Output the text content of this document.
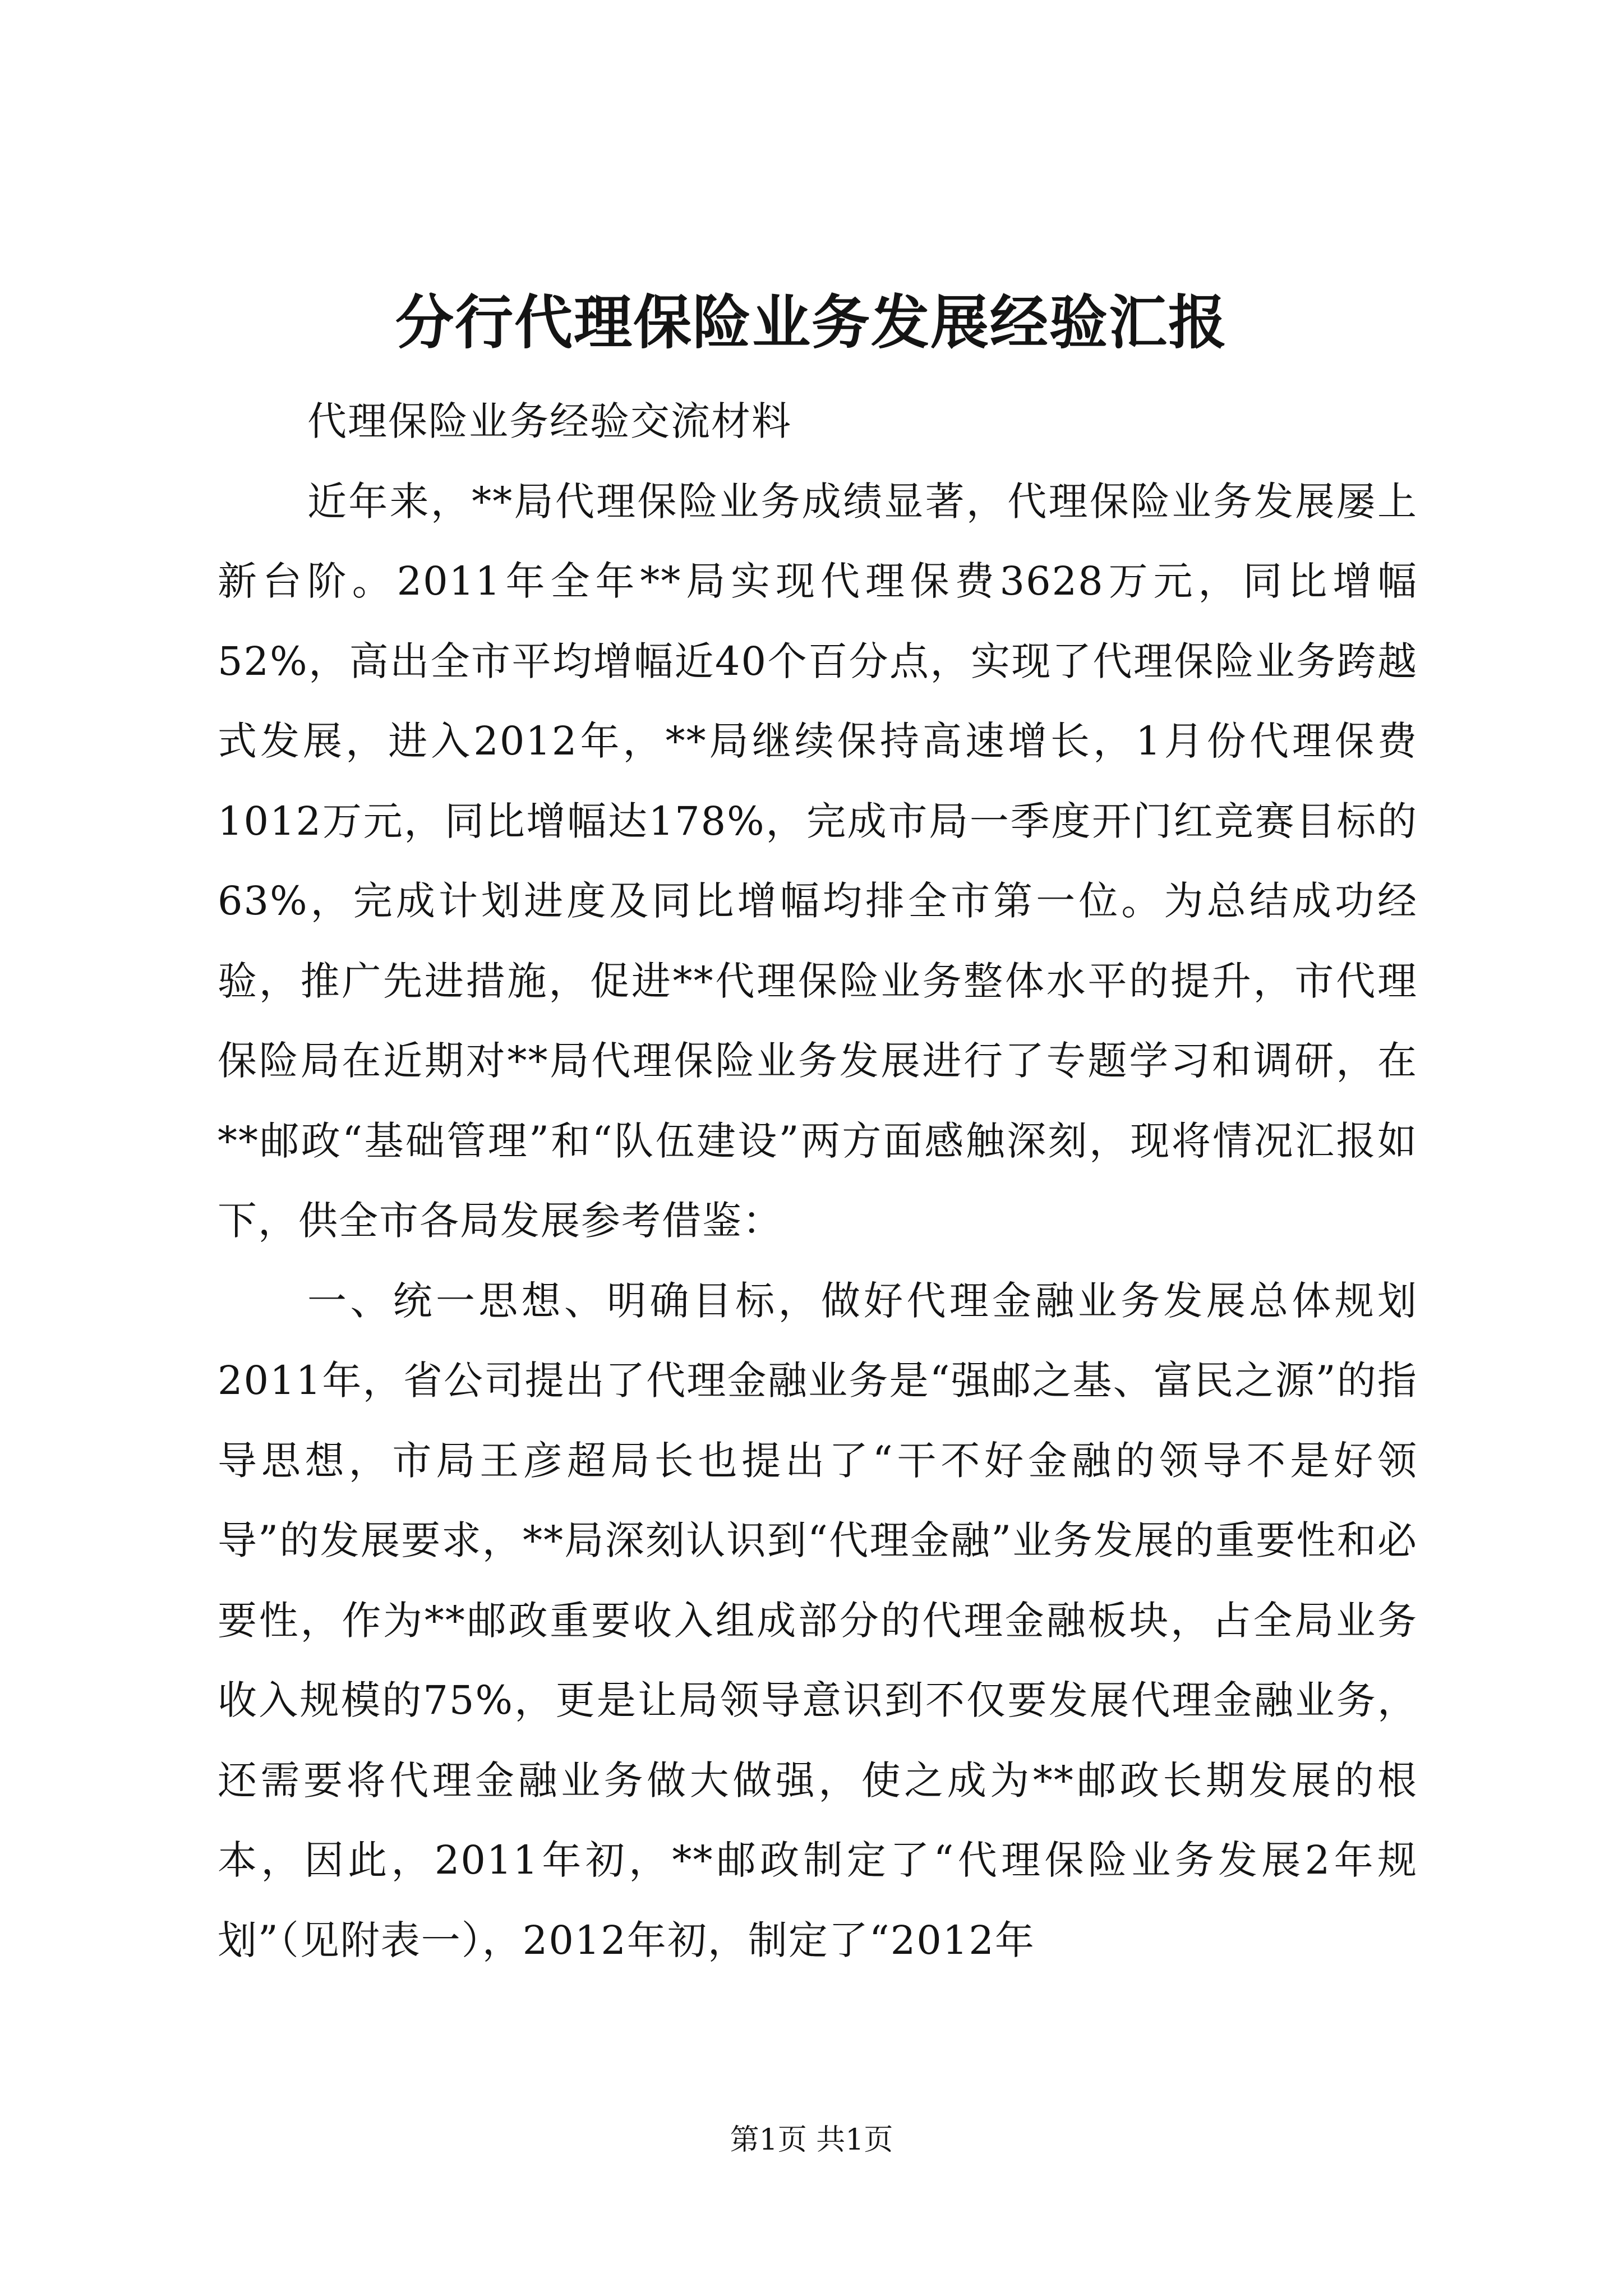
分行代理保险业务发展经验汇报

代理保险业务经验交流材料

近年来，**局代理保险业务成绩显著，代理保险业务发展屡上新台阶。2011年全年**局实现代理保费3628万元，同比增幅52%，高出全市平均增幅近40个百分点，实现了代理保险业务跨越式发展，进入2012年，**局继续保持高速增长，1月份代理保费1012万元，同比增幅达178%，完成市局一季度开门红竞赛目标的63%，完成计划进度及同比增幅均排全市第一位。为总结成功经验，推广先进措施，促进**代理保险业务整体水平的提升，市代理保险局在近期对**局代理保险业务发展进行了专题学习和调研，在**邮政“基础管理”和“队伍建设”两方面感触深刻，现将情况汇报如下，供全市各局发展参考借鉴：

一、统一思想、明确目标，做好代理金融业务发展总体规划2011年，省公司提出了代理金融业务是“强邮之基、富民之源”的指导思想，市局王彦超局长也提出了“干不好金融的领导不是好领导”的发展要求，**局深刻认识到“代理金融”业务发展的重要性和必要性，作为**邮政重要收入组成部分的代理金融板块，占全局业务收入规模的75%，更是让局领导意识到不仅要发展代理金融业务，还需要将代理金融业务做大做强，使之成为**邮政长期发展的根本，因此，2011年初，**邮政制定了“代理保险业务发展2年规划”（见附表一），2012年初，制定了“2012年

第1页 共1页
